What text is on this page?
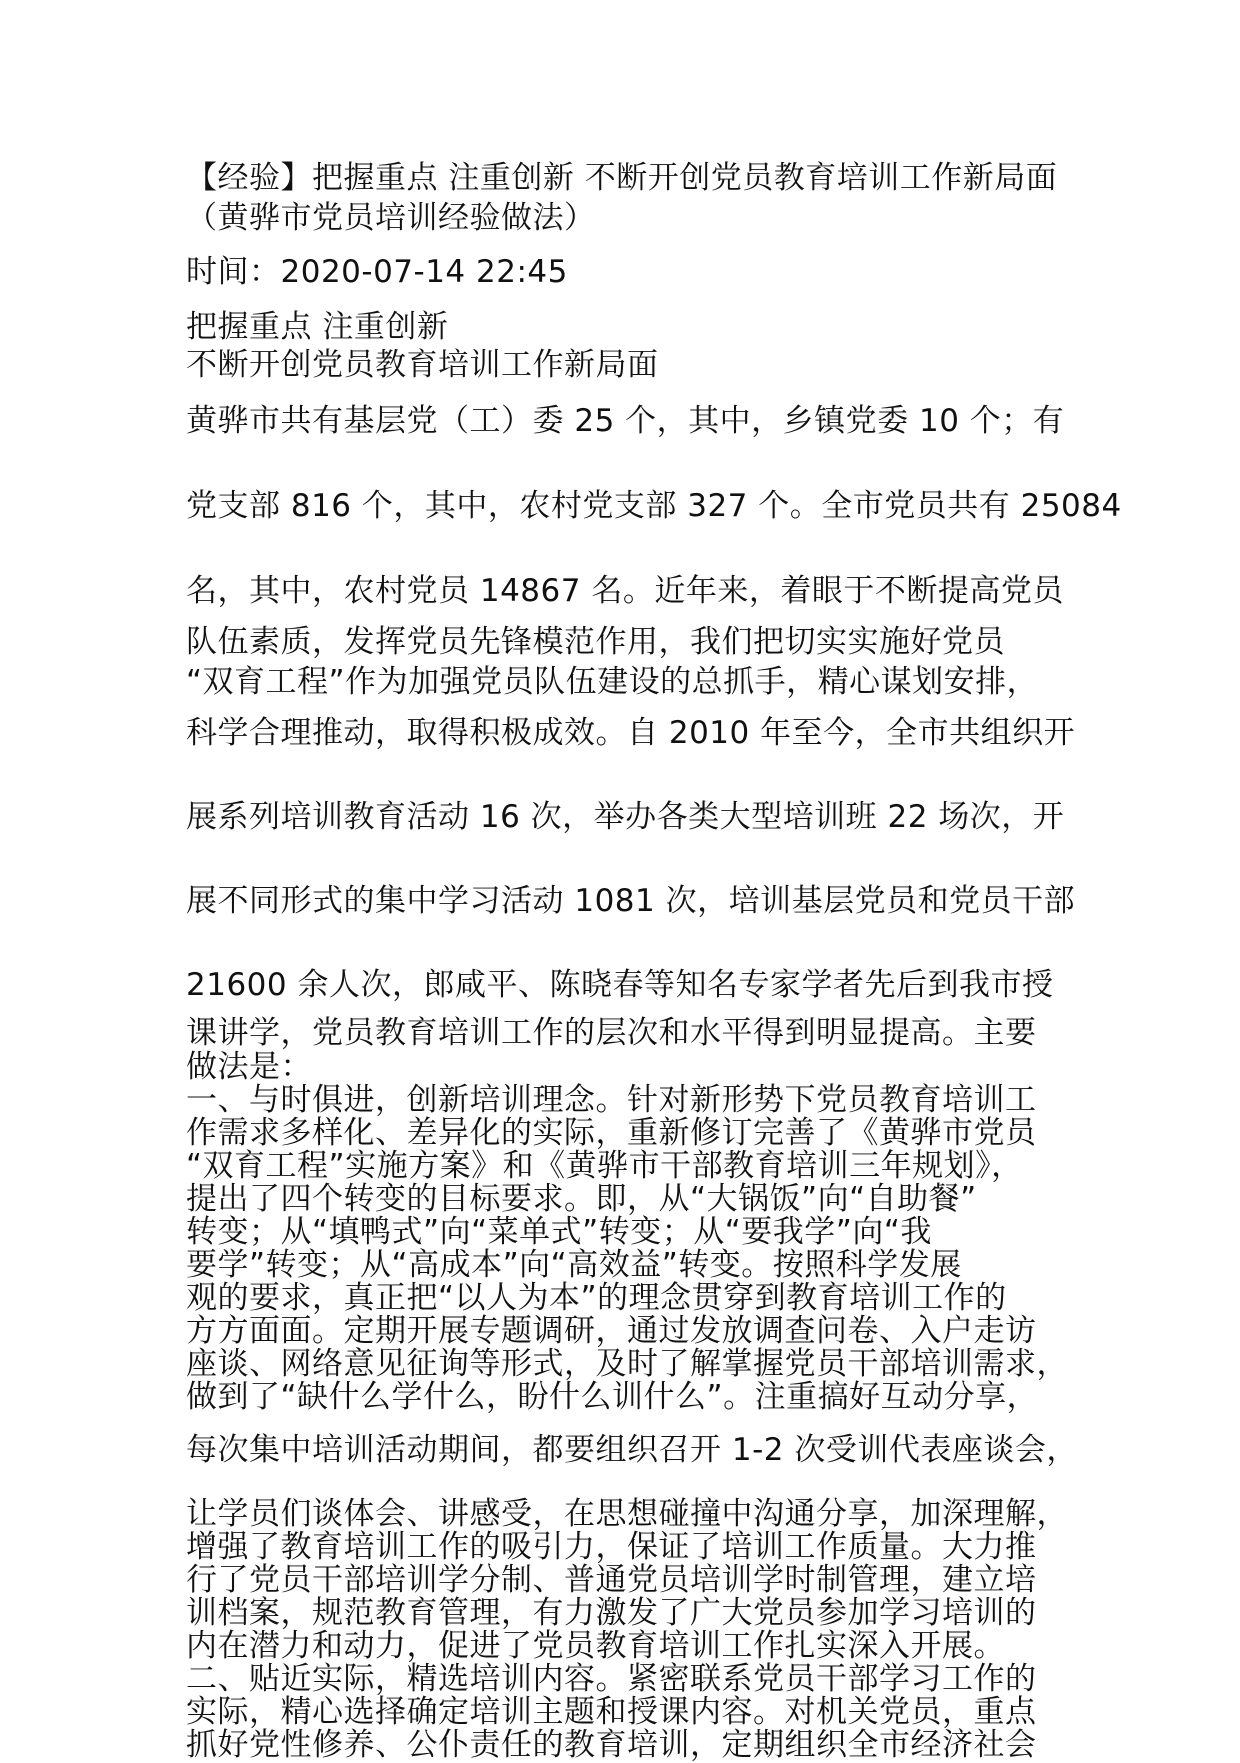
【经验】把握重点 注重创新 不断开创党员教育培训工作新局面
（黄骅市党员培训经验做法）
时间：2020-07-14 22:45
把握重点 注重创新
不断开创党员教育培训工作新局面
黄骅市共有基层党（工）委 25 个，其中，乡镇党委 10 个；有
党支部 816 个，其中，农村党支部 327 个。全市党员共有 25084
名，其中，农村党员 14867 名。近年来，着眼于不断提高党员
队伍素质，发挥党员先锋模范作用，我们把切实实施好党员
“双育工程”作为加强党员队伍建设的总抓手，精心谋划安排，
科学合理推动，取得积极成效。自 2010 年至今，全市共组织开
展系列培训教育活动 16 次，举办各类大型培训班 22 场次，开
展不同形式的集中学习活动 1081 次，培训基层党员和党员干部
21600 余人次，郎咸平、陈晓春等知名专家学者先后到我市授
课讲学，党员教育培训工作的层次和水平得到明显提高。主要
做法是：
一、与时俱进，创新培训理念。针对新形势下党员教育培训工
作需求多样化、差异化的实际，重新修订完善了《黄骅市党员
“双育工程”实施方案》和《黄骅市干部教育培训三年规划》，
提出了四个转变的目标要求。即，从“大锅饭”向“自助餐”
转变；从“填鸭式”向“菜单式”转变；从“要我学”向“我
要学”转变；从“高成本”向“高效益”转变。按照科学发展
观的要求，真正把“以人为本”的理念贯穿到教育培训工作的
方方面面。定期开展专题调研，通过发放调查问卷、入户走访
座谈、网络意见征询等形式，及时了解掌握党员干部培训需求，
做到了“缺什么学什么，盼什么训什么”。注重搞好互动分享，
每次集中培训活动期间，都要组织召开 1-2 次受训代表座谈会，
让学员们谈体会、讲感受，在思想碰撞中沟通分享，加深理解，
增强了教育培训工作的吸引力，保证了培训工作质量。大力推
行了党员干部培训学分制、普通党员培训学时制管理，建立培
训档案，规范教育管理，有力激发了广大党员参加学习培训的
内在潜力和动力，促进了党员教育培训工作扎实深入开展。
二、贴近实际，精选培训内容。紧密联系党员干部学习工作的
实际，精心选择确定培训主题和授课内容。对机关党员，重点
抓好党性修养、公仆责任的教育培训，定期组织全市经济社会
